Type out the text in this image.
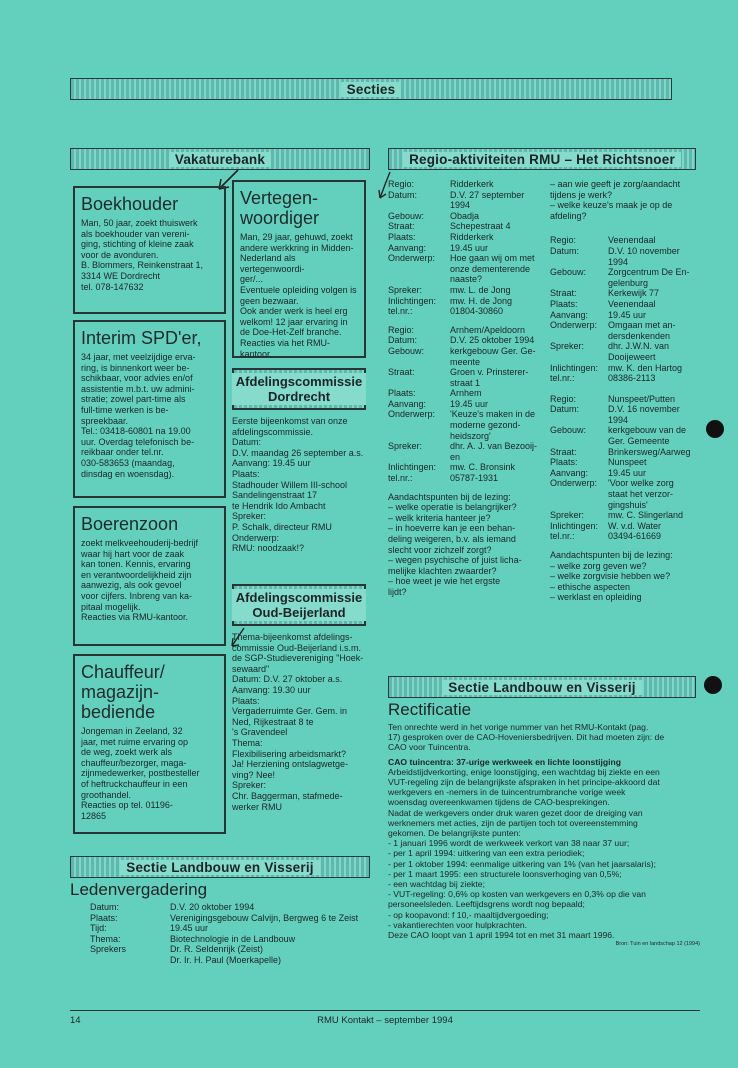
Secties
Vakaturebank
Boekhouder

Man, 50 jaar, zoekt thuiswerk
als boekhouder van vereni-
ging, stichting of kleine zaak
voor de avonduren.
B. Blommers, Reinkenstraat 1,
3314 WE Dordrecht
tel. 078-147632

Interim SPD'er,

34 jaar, met veelzijdige erva-
ring, is binnenkort weer be-
schikbaar, voor advies en/of
assistentie m.b.t. uw admini-
stratie; zowel part-time als
full-time werken is be-
spreekbaar.
Tel.: 03418-60801 na 19.00
uur. Overdag telefonisch be-
reikbaar onder tel.nr.
030-583653 (maandag,
dinsdag en woensdag).

Boerenzoon

zoekt melkveehouderij-bedrijf
waar hij hart voor de zaak
kan tonen. Kennis, ervaring
en verantwoordelijkheid zijn
aanwezig, als ook gevoel
voor cijfers. Inbreng van ka-
pitaal mogelijk.
Reacties via RMU-kantoor.

Chauffeur/
magazijn-
bediende

Jongeman in Zeeland, 32
jaar, met ruime ervaring op
de weg, zoekt werk als
chauffeur/bezorger, maga-
zijnmedewerker, postbesteller
of heftruckchauffeur in een
groothandel.
Reacties op tel. 01196-
12865

Vertegen-
woordiger

Man, 29 jaar, gehuwd, zoekt
andere werkkring in Midden-
Nederland als vertegenwoordi-
ger/...
Eventuele opleiding volgen is
geen bezwaar.
Ook ander werk is heel erg
welkom! 12 jaar ervaring in
de Doe-Het-Zelf branche.
Reacties via het RMU-kantoor.

Afdelingscommissie
Dordrecht

Eerste bijeenkomst van onze
afdelingscommissie.
Datum:
D.V. maandag 26 september a.s.
Aanvang: 19.45 uur
Plaats:
Stadhouder Willem III-school
Sandelingenstraat 17
te Hendrik Ido Ambacht
Spreker:
P. Schalk, directeur RMU
Onderwerp:
RMU: noodzaak!?

Afdelingscommissie
Oud-Beijerland

Thema-bijeenkomst afdelings-
commissie Oud-Beijerland i.s.m.
de SGP-Studievereniging "Hoek-
sewaard"
Datum: D.V. 27 oktober a.s.
Aanvang: 19.30 uur
Plaats:
Vergaderruimte Ger. Gem. in
Ned, Rijkestraat 8 te
's Gravendeel
Thema:
Flexibilisering arbeidsmarkt?
Ja! Herziening ontslagwetge-
ving? Nee!
Spreker:
Chr. Baggerman, stafmede-
werker RMU

Regio-aktiviteiten RMU – Het Richtsnoer
Regio:	Ridderkerk
Datum:	D.V. 27 september
1994
Gebouw:	Obadja
Straat:	Schepestraat 4
Plaats:	Ridderkerk
Aanvang:	19.45 uur
Onderwerp:	Hoe gaan wij om met
onze dementerende
naaste?
Spreker:	mw. L. de Jong
Inlichtingen:	mw. H. de Jong
tel.nr.:	01804-30860
Regio:	Arnhem/Apeldoorn
Datum:	D.V. 25 oktober 1994
Gebouw:	kerkgebouw Ger. Ge-
meente
Straat:	Groen v. Prinsterer-
straat 1
Plaats:	Arnhem
Aanvang:	19.45 uur
Onderwerp:	'Keuze's maken in de
moderne gezond-
heidszorg'
Spreker:	dhr. A. J. van Bezooij-
en
Inlichtingen:	mw. C. Bronsink
tel.nr.:	05787-1931

Aandachtspunten bij de lezing:
– welke operatie is belangrijker?
– welk kriteria hanteer je?
– in hoeverre kan je een behan-
deling weigeren, b.v. als iemand
slecht voor zichzelf zorgt?
– wegen psychische of juist licha-
melijke klachten zwaarder?
– hoe weet je wie het ergste
lijdt?

– aan wie geeft je zorg/aandacht
tijdens je werk?
– welke keuze's maak je op de
afdeling?

Regio:	Veenendaal
Datum:	D.V. 10 november
1994
Gebouw:	Zorgcentrum De En-
gelenburg
Straat:	Kerkewijk 77
Plaats:	Veenendaal
Aanvang:	19.45 uur
Onderwerp:	Omgaan met an-
dersdenkenden
Spreker:	dhr. J.W.N. van
Dooijeweert
Inlichtingen:	mw. K. den Hartog
tel.nr.:	08386-2113
Regio:	Nunspeet/Putten
Datum:	D.V. 16 november
1994
Gebouw:	kerkgebouw van de
Ger. Gemeente
Straat:	Brinkersweg/Aarweg
Plaats:	Nunspeet
Aanvang:	19.45 uur
Onderwerp:	'Voor welke zorg
staat het verzor-
gingshuis'
Spreker:	mw. C. Slingerland
Inlichtingen:	W. v.d. Water
tel.nr.:	03494-61669

Aandachtspunten bij de lezing:
– welke zorg geven we?
– welke zorgvisie hebben we?
– ethische aspecten
– werklast en opleiding

Sectie Landbouw en Visserij
Rectificatie

Ten onrechte werd in het vorige nummer van het RMU-Kontakt (pag.
17) gesproken over de CAO-Hoveniersbedrijven. Dit had moeten zijn: de
CAO voor Tuincentra.

CAO tuincentra: 37-urige werkweek en lichte loonstijging

Arbeidstijdverkorting, enige loonstijging, een wachtdag bij ziekte en een
VUT-regeling zijn de belangrijkste afspraken in het principe-akkoord dat
werkgevers en -nemers in de tuincentrumbranche vorige week
woensdag overeenkwamen tijdens de CAO-besprekingen.
Nadat de werkgevers onder druk waren gezet door de dreiging van
werknemers met acties, zijn de partijen toch tot overeenstemming
gekomen. De belangrijkste punten:
- 1 januari 1996 wordt de werkweek verkort van 38 naar 37 uur;
- per 1 april 1994: uitkering van een extra periodiek;
- per 1 oktober 1994: eenmalige uitkering van 1% (van het jaarsalaris);
- per 1 maart 1995: een structurele loonsverhoging van 0,5%;
- een wachtdag bij ziekte;
- VUT-regeling: 0,6% op kosten van werkgevers en 0,3% op die van
personeelsleden. Leeftijdsgrens wordt nog bepaald;
- op koopavond: f 10,- maaltijdvergoeding;
- vakantierechten voor hulpkrachten.
Deze CAO loopt van 1 april 1994 tot en met 31 maart 1996.

Bron: Tuin en landschap 12 (1994)
Sectie Landbouw en Visserij
Ledenvergadering
Datum:	D.V. 20 oktober 1994
Plaats:	Verenigingsgebouw Calvijn, Bergweg 6 te Zeist
Tijd:	19.45 uur
Thema:	Biotechnologie in de Landbouw
Sprekers	Dr. R. Seldenrijk (Zeist)
Dr. Ir. H. Paul (Moerkapelle)
14	RMU Kontakt – september 1994
